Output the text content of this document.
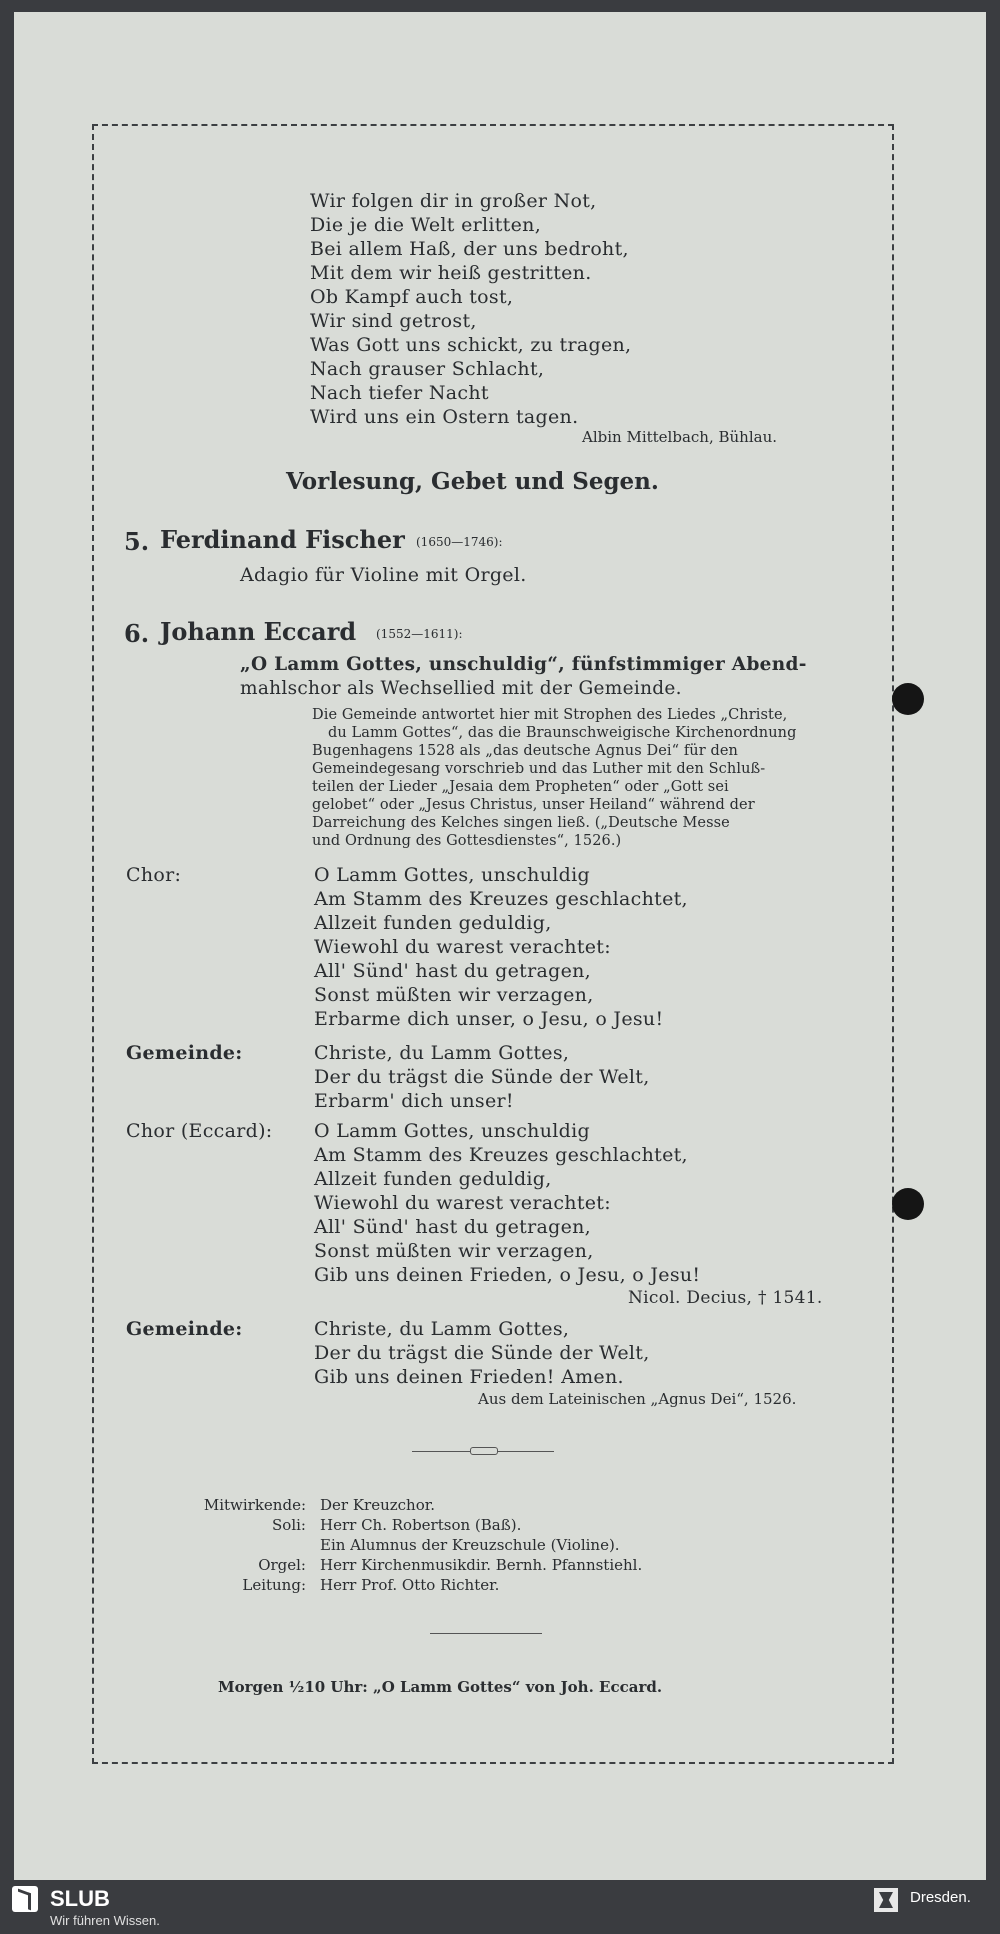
Wir folgen dir in großer Not,
Die je die Welt erlitten,
Bei allem Haß, der uns bedroht,
Mit dem wir heiß gestritten.
Ob Kampf auch tost,
Wir sind getrost,
Was Gott uns schickt, zu tragen,
Nach grauser Schlacht,
Nach tiefer Nacht
Wird uns ein Ostern tagen.
Albin Mittelbach, Bühlau.
Vorlesung, Gebet und Segen.
5. Ferdinand Fischer (1650—1746):
Adagio für Violine mit Orgel.
6. Johann Eccard (1552—1611):
„O Lamm Gottes, unschuldig“, fünfstimmiger Abend-
mahlschor als Wechsellied mit der Gemeinde.
Die Gemeinde antwortet hier mit Strophen des Liedes „Christe,
du Lamm Gottes“, das die Braunschweigische Kirchenordnung
Bugenhagens 1528 als „das deutsche Agnus Dei“ für den
Gemeindegesang vorschrieb und das Luther mit den Schluß-
teilen der Lieder „Jesaia dem Propheten“ oder „Gott sei
gelobet“ oder „Jesus Christus, unser Heiland“ während der
Darreichung des Kelches singen ließ. („Deutsche Messe
und Ordnung des Gottesdienstes“, 1526.)
Chor:	O Lamm Gottes, unschuldig
Am Stamm des Kreuzes geschlachtet,
Allzeit funden geduldig,
Wiewohl du warest verachtet:
All' Sünd' hast du getragen,
Sonst müßten wir verzagen,
Erbarme dich unser, o Jesu, o Jesu!
Gemeinde:	Christe, du Lamm Gottes,
Der du trägst die Sünde der Welt,
Erbarm' dich unser!
Chor (Eccard): O Lamm Gottes, unschuldig
Am Stamm des Kreuzes geschlachtet,
Allzeit funden geduldig,
Wiewohl du warest verachtet:
All' Sünd' hast du getragen,
Sonst müßten wir verzagen,
Gib uns deinen Frieden, o Jesu, o Jesu!
Nicol. Decius, † 1541.
Gemeinde:	Christe, du Lamm Gottes,
Der du trägst die Sünde der Welt,
Gib uns deinen Frieden! Amen.
Aus dem Lateinischen „Agnus Dei“, 1526.
Mitwirkende: Der Kreuzchor.
Soli: Herr Ch. Robertson (Baß).
Ein Alumnus der Kreuzschule (Violine).
Orgel: Herr Kirchenmusikdir. Bernh. Pfannstiehl.
Leitung: Herr Prof. Otto Richter.
Morgen ½10 Uhr: „O Lamm Gottes“ von Joh. Eccard.
SLUB
Wir führen Wissen.
Dresden.
